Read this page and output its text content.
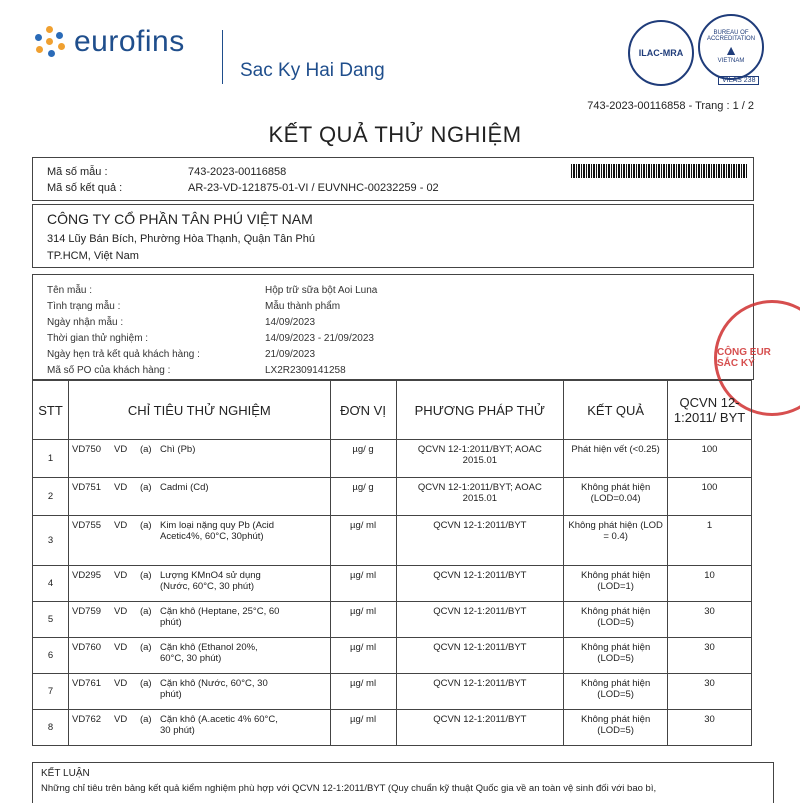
eurofins
Sac Ky Hai Dang
ILAC-MRA
BUREAU OF ACCREDITATION
▲
VIETNAM
VILAS 238
743-2023-00116858 - Trang : 1 / 2
KẾT QUẢ THỬ NGHIỆM
Mã số mẫu :	743-2023-00116858
Mã số kết quả :	AR-23-VD-121875-01-VI / EUVNHC-00232259 - 02
CÔNG TY CỔ PHẦN TÂN PHÚ VIỆT NAM
314 Lũy Bán Bích, Phường Hòa Thạnh, Quận Tân Phú
TP.HCM, Việt Nam
Tên mẫu :	Hộp trữ sữa bột Aoi Luna
Tình trạng mẫu :	Mẫu thành phẩm
Ngày nhận mẫu :	14/09/2023
Thời gian thử nghiệm :	14/09/2023 - 21/09/2023
Ngày hẹn trả kết quả khách hàng :	21/09/2023
Mã số PO của khách hàng :	LX2R2309141258
CÔNG EUR SẮC KÝ
STT	CHỈ TIÊU THỬ NGHIỆM	ĐƠN VỊ	PHƯƠNG PHÁP THỬ	KẾT QUẢ	QCVN 12-1:2011/ BYT
1	VD750 VD (a) Chì (Pb)	µg/ g	QCVN 12-1:2011/BYT; AOAC 2015.01	Phát hiện vết (<0.25)	100
2	VD751 VD (a) Cadmi (Cd)	µg/ g	QCVN 12-1:2011/BYT; AOAC 2015.01	Không phát hiện (LOD=0.04)	100
3	VD755 VD (a) Kim loại nặng quy Pb (Acid Acetic4%, 60°C, 30phút)	µg/ ml	QCVN 12-1:2011/BYT	Không phát hiện (LOD = 0.4)	1
4	VD295 VD (a) Lượng KMnO4 sử dụng (Nước, 60°C, 30 phút)	µg/ ml	QCVN 12-1:2011/BYT	Không phát hiện (LOD=1)	10
5	VD759 VD (a) Cặn khô (Heptane, 25°C, 60 phút)	µg/ ml	QCVN 12-1:2011/BYT	Không phát hiện (LOD=5)	30
6	VD760 VD (a) Cặn khô (Ethanol 20%, 60°C, 30 phút)	µg/ ml	QCVN 12-1:2011/BYT	Không phát hiện (LOD=5)	30
7	VD761 VD (a) Cặn khô (Nước, 60°C, 30 phút)	µg/ ml	QCVN 12-1:2011/BYT	Không phát hiện (LOD=5)	30
8	VD762 VD (a) Cặn khô (A.acetic 4% 60°C, 30 phút)	µg/ ml	QCVN 12-1:2011/BYT	Không phát hiện (LOD=5)	30
KẾT LUẬN
Những chỉ tiêu trên bảng kết quả kiểm nghiệm phù hợp với QCVN 12-1:2011/BYT (Quy chuẩn kỹ thuật Quốc gia về an toàn vệ sinh đối với bao bì,
